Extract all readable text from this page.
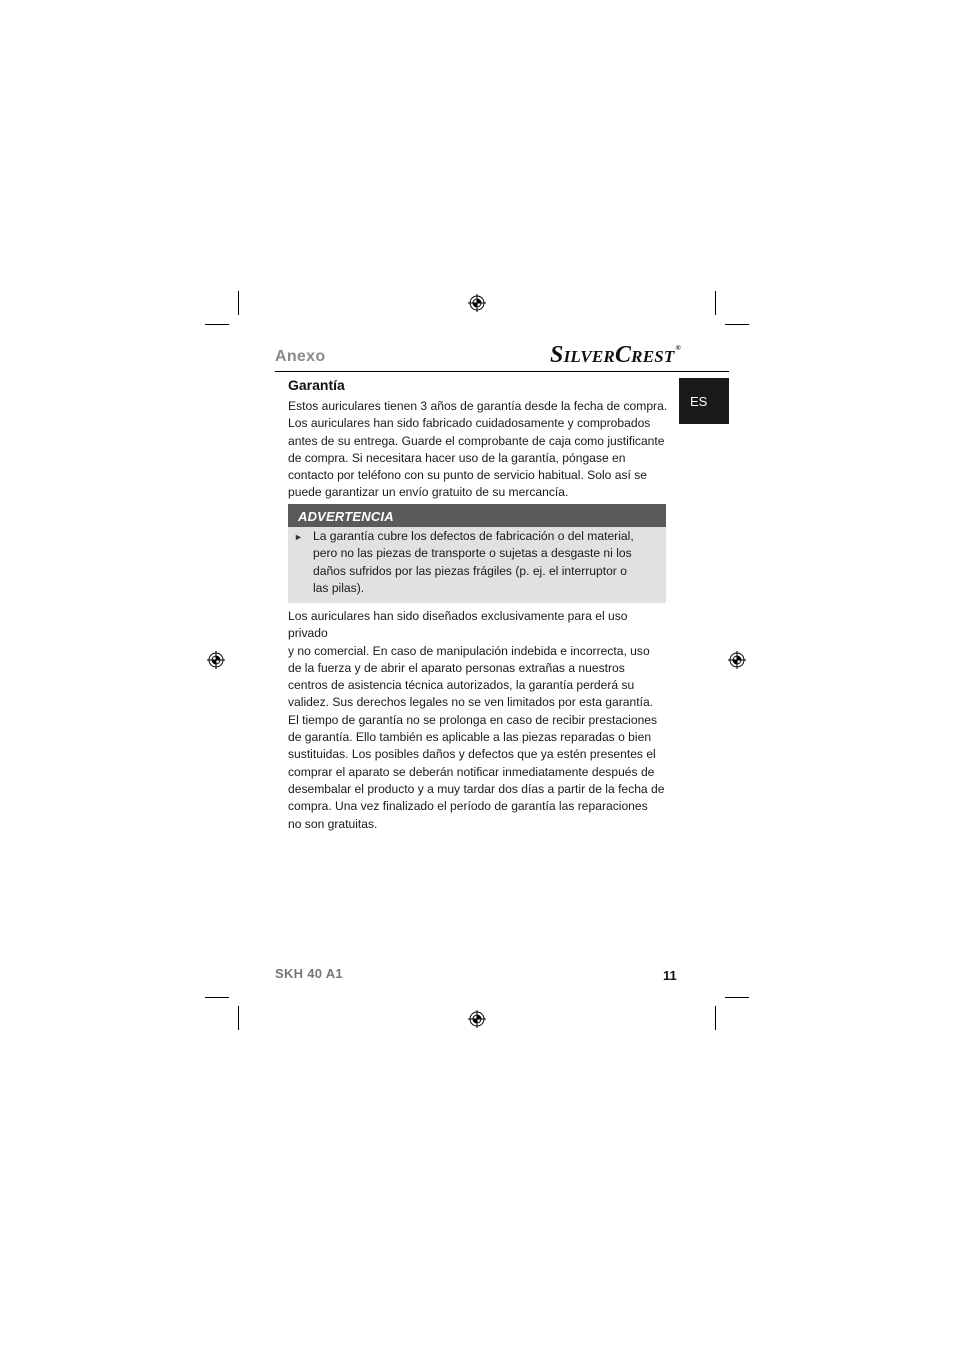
Anexo	SILVERCREST®
ES
Garantía

Estos auriculares tienen 3 años de garantía desde la fecha de compra.

Los auriculares han sido fabricado cuidadosamente y comprobados

antes de su entrega. Guarde el comprobante de caja como justificante

de compra. Si necesitara hacer uso de la garantía, póngase en

contacto por teléfono con su punto de servicio habitual. Solo así se

puede garantizar un envío gratuito de su mercancía.

ADVERTENCIA
► La garantía cubre los defectos de fabricación o del material,

pero no las piezas de transporte o sujetas a desgaste ni los

daños sufridos por las piezas frágiles (p. ej. el interruptor o

las pilas).

Los auriculares han sido diseñados exclusivamente para el uso privado

y no comercial. En caso de manipulación indebida e incorrecta, uso

de la fuerza y de abrir el aparato personas extrañas a nuestros

centros de asistencia técnica autorizados, la garantía perderá su

validez. Sus derechos legales no se ven limitados por esta garantía.

El tiempo de garantía no se prolonga en caso de recibir prestaciones

de garantía. Ello también es aplicable a las piezas reparadas o bien

sustituidas. Los posibles daños y defectos que ya estén presentes el

comprar el aparato se deberán notificar inmediatamente después de

desembalar el producto y a muy tardar dos días a partir de la fecha de

compra. Una vez finalizado el período de garantía las reparaciones

no son gratuitas.

SKH 40 A1	11
